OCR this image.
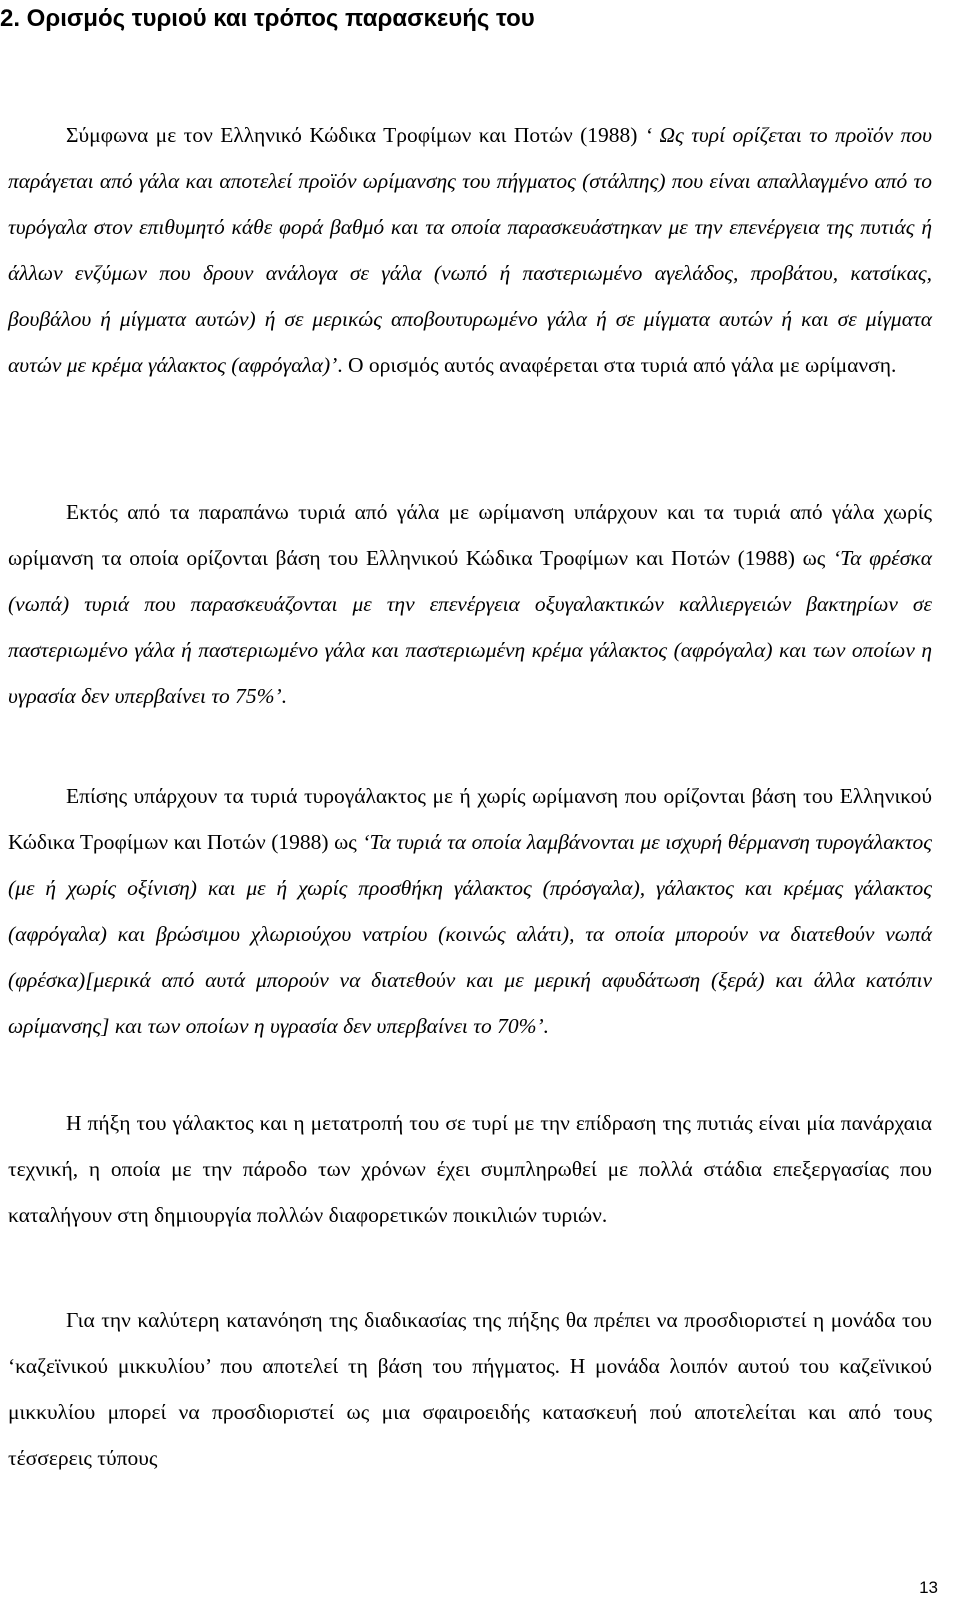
2. Ορισμός τυριού και τρόπος παρασκευής του

Σύμφωνα με τον Ελληνικό Κώδικα Τροφίμων και Ποτών (1988) ‘ Ως τυρί ορίζεται το προϊόν που παράγεται από γάλα και αποτελεί προϊόν ωρίμανσης του πήγματος (στάλπης) που είναι απαλλαγμένο από το τυρόγαλα στον επιθυμητό κάθε φορά βαθμό και τα οποία παρασκευάστηκαν με την επενέργεια της πυτιάς ή άλλων ενζύμων που δρουν ανάλογα σε γάλα (νωπό ή παστεριωμένο αγελάδος, προβάτου, κατσίκας, βουβάλου ή μίγματα αυτών) ή σε μερικώς αποβουτυρωμένο γάλα ή σε μίγματα αυτών ή και σε μίγματα αυτών με κρέμα γάλακτος (αφρόγαλα)’. Ο ορισμός αυτός αναφέρεται στα τυριά από γάλα με ωρίμανση.

Εκτός από τα παραπάνω τυριά από γάλα με ωρίμανση υπάρχουν και τα τυριά από γάλα χωρίς ωρίμανση τα οποία ορίζονται βάση του Ελληνικού Κώδικα Τροφίμων και Ποτών (1988) ως ‘Τα φρέσκα (νωπά) τυριά που παρασκευάζονται με την επενέργεια οξυγαλακτικών καλλιεργειών βακτηρίων σε παστεριωμένο γάλα ή παστεριωμένο γάλα και παστεριωμένη κρέμα γάλακτος (αφρόγαλα) και των οποίων η υγρασία δεν υπερβαίνει το 75%’.

Επίσης υπάρχουν τα τυριά τυρογάλακτος με ή χωρίς ωρίμανση που ορίζονται βάση του Ελληνικού Κώδικα Τροφίμων και Ποτών (1988) ως ‘Τα τυριά τα οποία λαμβάνονται με ισχυρή θέρμανση τυρογάλακτος (με ή χωρίς οξίνιση) και με ή χωρίς προσθήκη γάλακτος (πρόσγαλα), γάλακτος και κρέμας γάλακτος (αφρόγαλα) και βρώσιμου χλωριούχου νατρίου (κοινώς αλάτι), τα οποία μπορούν να διατεθούν νωπά (φρέσκα)[μερικά από αυτά μπορούν να διατεθούν και με μερική αφυδάτωση (ξερά) και άλλα κατόπιν ωρίμανσης] και των οποίων η υγρασία δεν υπερβαίνει το 70%’.

Η πήξη του γάλακτος και η μετατροπή του σε τυρί με την επίδραση της πυτιάς είναι μία πανάρχαια τεχνική, η οποία με την πάροδο των χρόνων έχει συμπληρωθεί με πολλά στάδια επεξεργασίας που καταλήγουν στη δημιουργία πολλών διαφορετικών ποικιλιών τυριών.

Για την καλύτερη κατανόηση της διαδικασίας της πήξης θα πρέπει να προσδιοριστεί η μονάδα του ‘καζεϊνικού μικκυλίου’ που αποτελεί τη βάση του πήγματος. Η μονάδα λοιπόν αυτού του καζεϊνικού μικκυλίου μπορεί να προσδιοριστεί ως μια σφαιροειδής κατασκευή πού απoτελείται και από τους τέσσερεις τύπους

13
